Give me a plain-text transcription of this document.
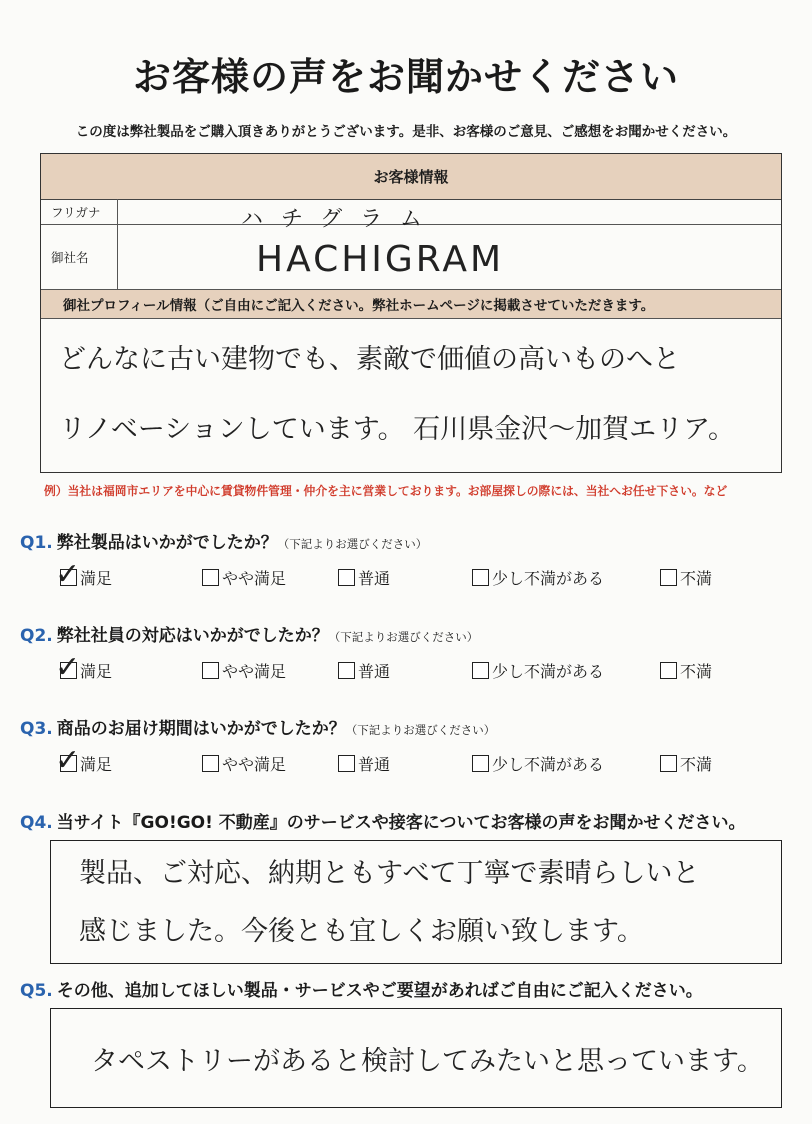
お客様の声をお聞かせください
この度は弊社製品をご購入頂きありがとうございます。是非、お客様のご意見、ご感想をお聞かせください。
お客様情報
フリガナ	ハチグラム
御社名	HACHIGRAM
御社プロフィール情報（ご自由にご記入ください。弊社ホームページに掲載させていただきます。
どんなに古い建物でも、素敵で価値の高いものへと
リノベーションしています。 石川県金沢〜加賀エリア。
例）当社は福岡市エリアを中心に賃貸物件管理・仲介を主に営業しております。お部屋探しの際には、当社へお任せ下さい。など
Q1. 弊社製品はいかがでしたか？（下記よりお選びください）
✓ 満足	やや満足	普通	少し不満がある	不満
Q2. 弊社社員の対応はいかがでしたか？（下記よりお選びください）
✓ 満足	やや満足	普通	少し不満がある	不満
Q3. 商品のお届け期間はいかがでしたか？（下記よりお選びください）
✓ 満足	やや満足	普通	少し不満がある	不満
Q4. 当サイト『GO!GO! 不動産』のサービスや接客についてお客様の声をお聞かせください。
製品、ご対応、納期ともすべて丁寧で素晴らしいと
感じました。今後とも宜しくお願い致します。
Q5. その他、追加してほしい製品・サービスやご要望があればご自由にご記入ください。
タペストリーがあると検討してみたいと思っています。
